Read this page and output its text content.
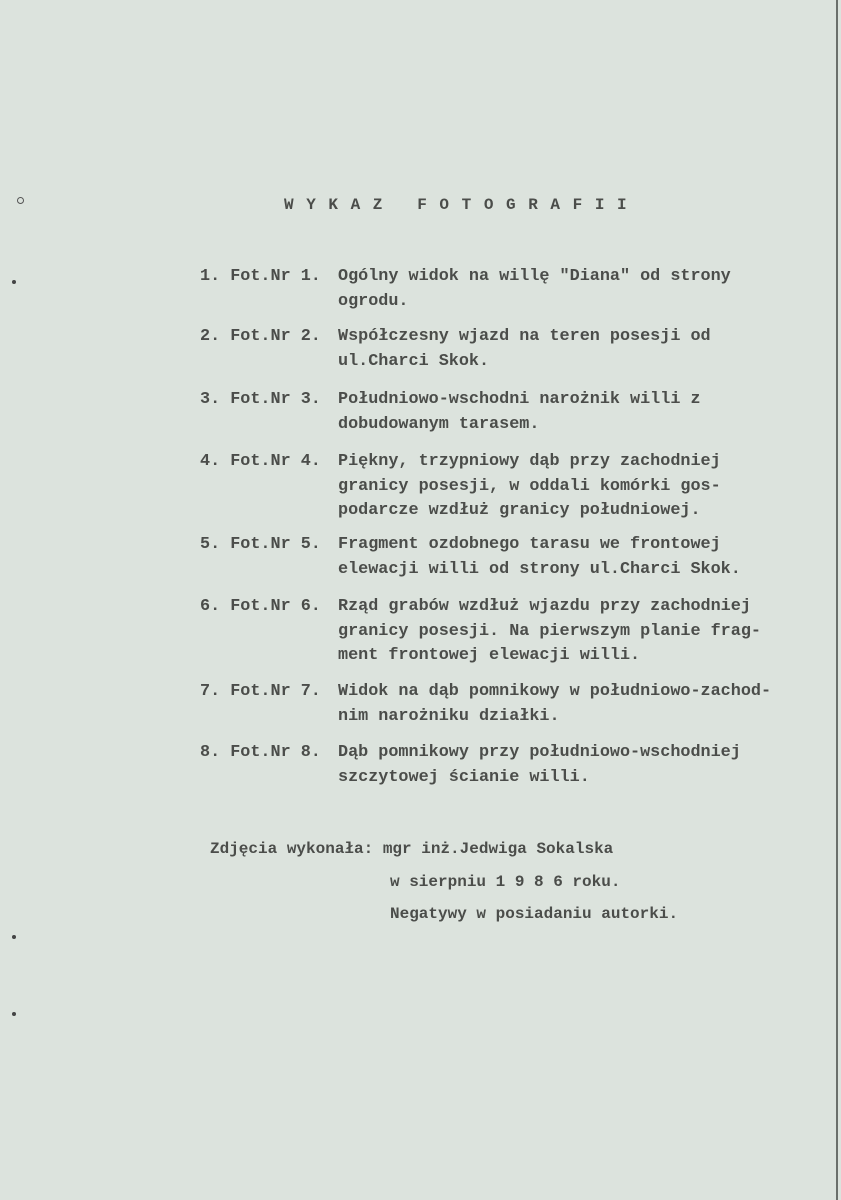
WYKAZ FOTOGRAFII
1. Fot.Nr 1. Ogólny widok na willę "Diana" od strony
ogrodu.
2. Fot.Nr 2. Współczesny wjazd na teren posesji od
ul.Charci Skok.
3. Fot.Nr 3. Południowo-wschodni narożnik willi z
dobudowanym tarasem.
4. Fot.Nr 4. Piękny, trzypniowy dąb przy zachodniej
granicy posesji, w oddali komórki gos-
podarcze wzdłuż granicy południowej.
5. Fot.Nr 5. Fragment ozdobnego tarasu we frontowej
elewacji willi od strony ul.Charci Skok.
6. Fot.Nr 6. Rząd grabów wzdłuż wjazdu przy zachodniej
granicy posesji. Na pierwszym planie frag-
ment frontowej elewacji willi.
7. Fot.Nr 7. Widok na dąb pomnikowy w południowo-zachod-
nim narożniku działki.
8. Fot.Nr 8. Dąb pomnikowy przy południowo-wschodniej
szczytowej ścianie willi.
Zdjęcia wykonała: mgr inż.Jedwiga Sokalska
w sierpniu 1 9 8 6 roku.
Negatywy w posiadaniu autorki.
